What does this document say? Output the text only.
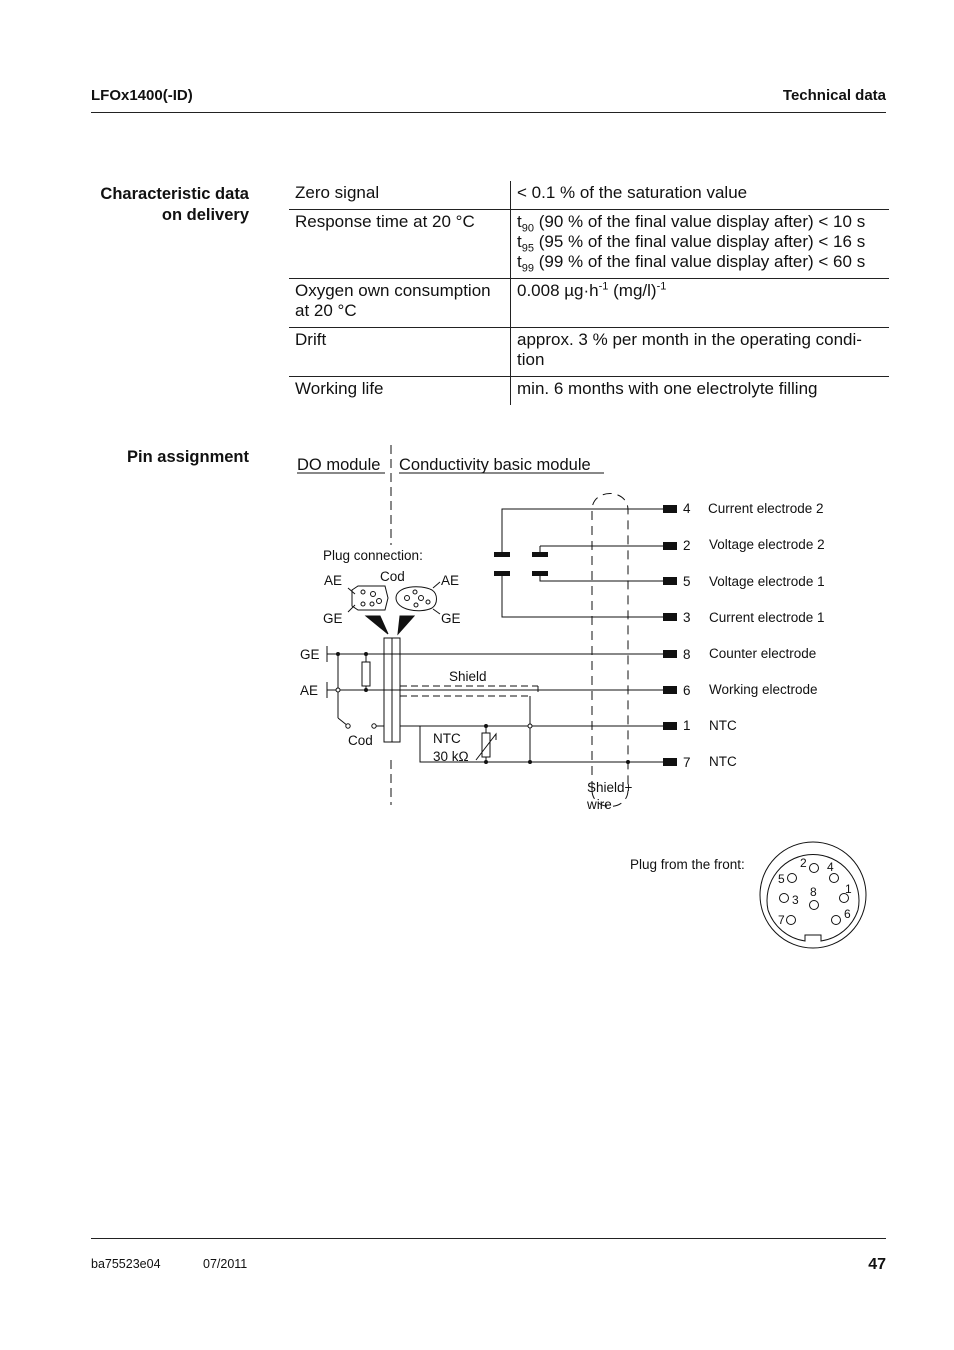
LFOx1400(-ID)	Technical data
Characteristic data
on delivery
Zero signal	< 0.1 % of the saturation value
Response time at 20 °C	$t_{90}$ (90 % of the final value display after) < 10 s
$t_{95}$ (95 % of the final value display after) < 16 s
$t_{99}$ (99 % of the final value display after) < 60 s

Oxygen own consumption
at 20 °C	0.008 $\mu g\cdot h^{-1}$ $(mg/l)^{-1}$
Drift	approx. 3 % per month in the operating condi-
tion

Working life	min. 6 months with one electrolyte filling
Pin assignment	DO module Conductivity basic module
Plug connection:
AE	Cod	AE
GE	GE
GE
AE
Cod
Shield
NTC
30 kΩ
Shield+
wire
4 Current electrode 2
2 Voltage electrode 2
5 Voltage electrode 1
3 Current electrode 1
8 Counter electrode
6 Working electrode
1 NTC
7 NTC
Plug from the front:	2 4
5
8 1
3
7	6
ba75523e04	07/2011	47
